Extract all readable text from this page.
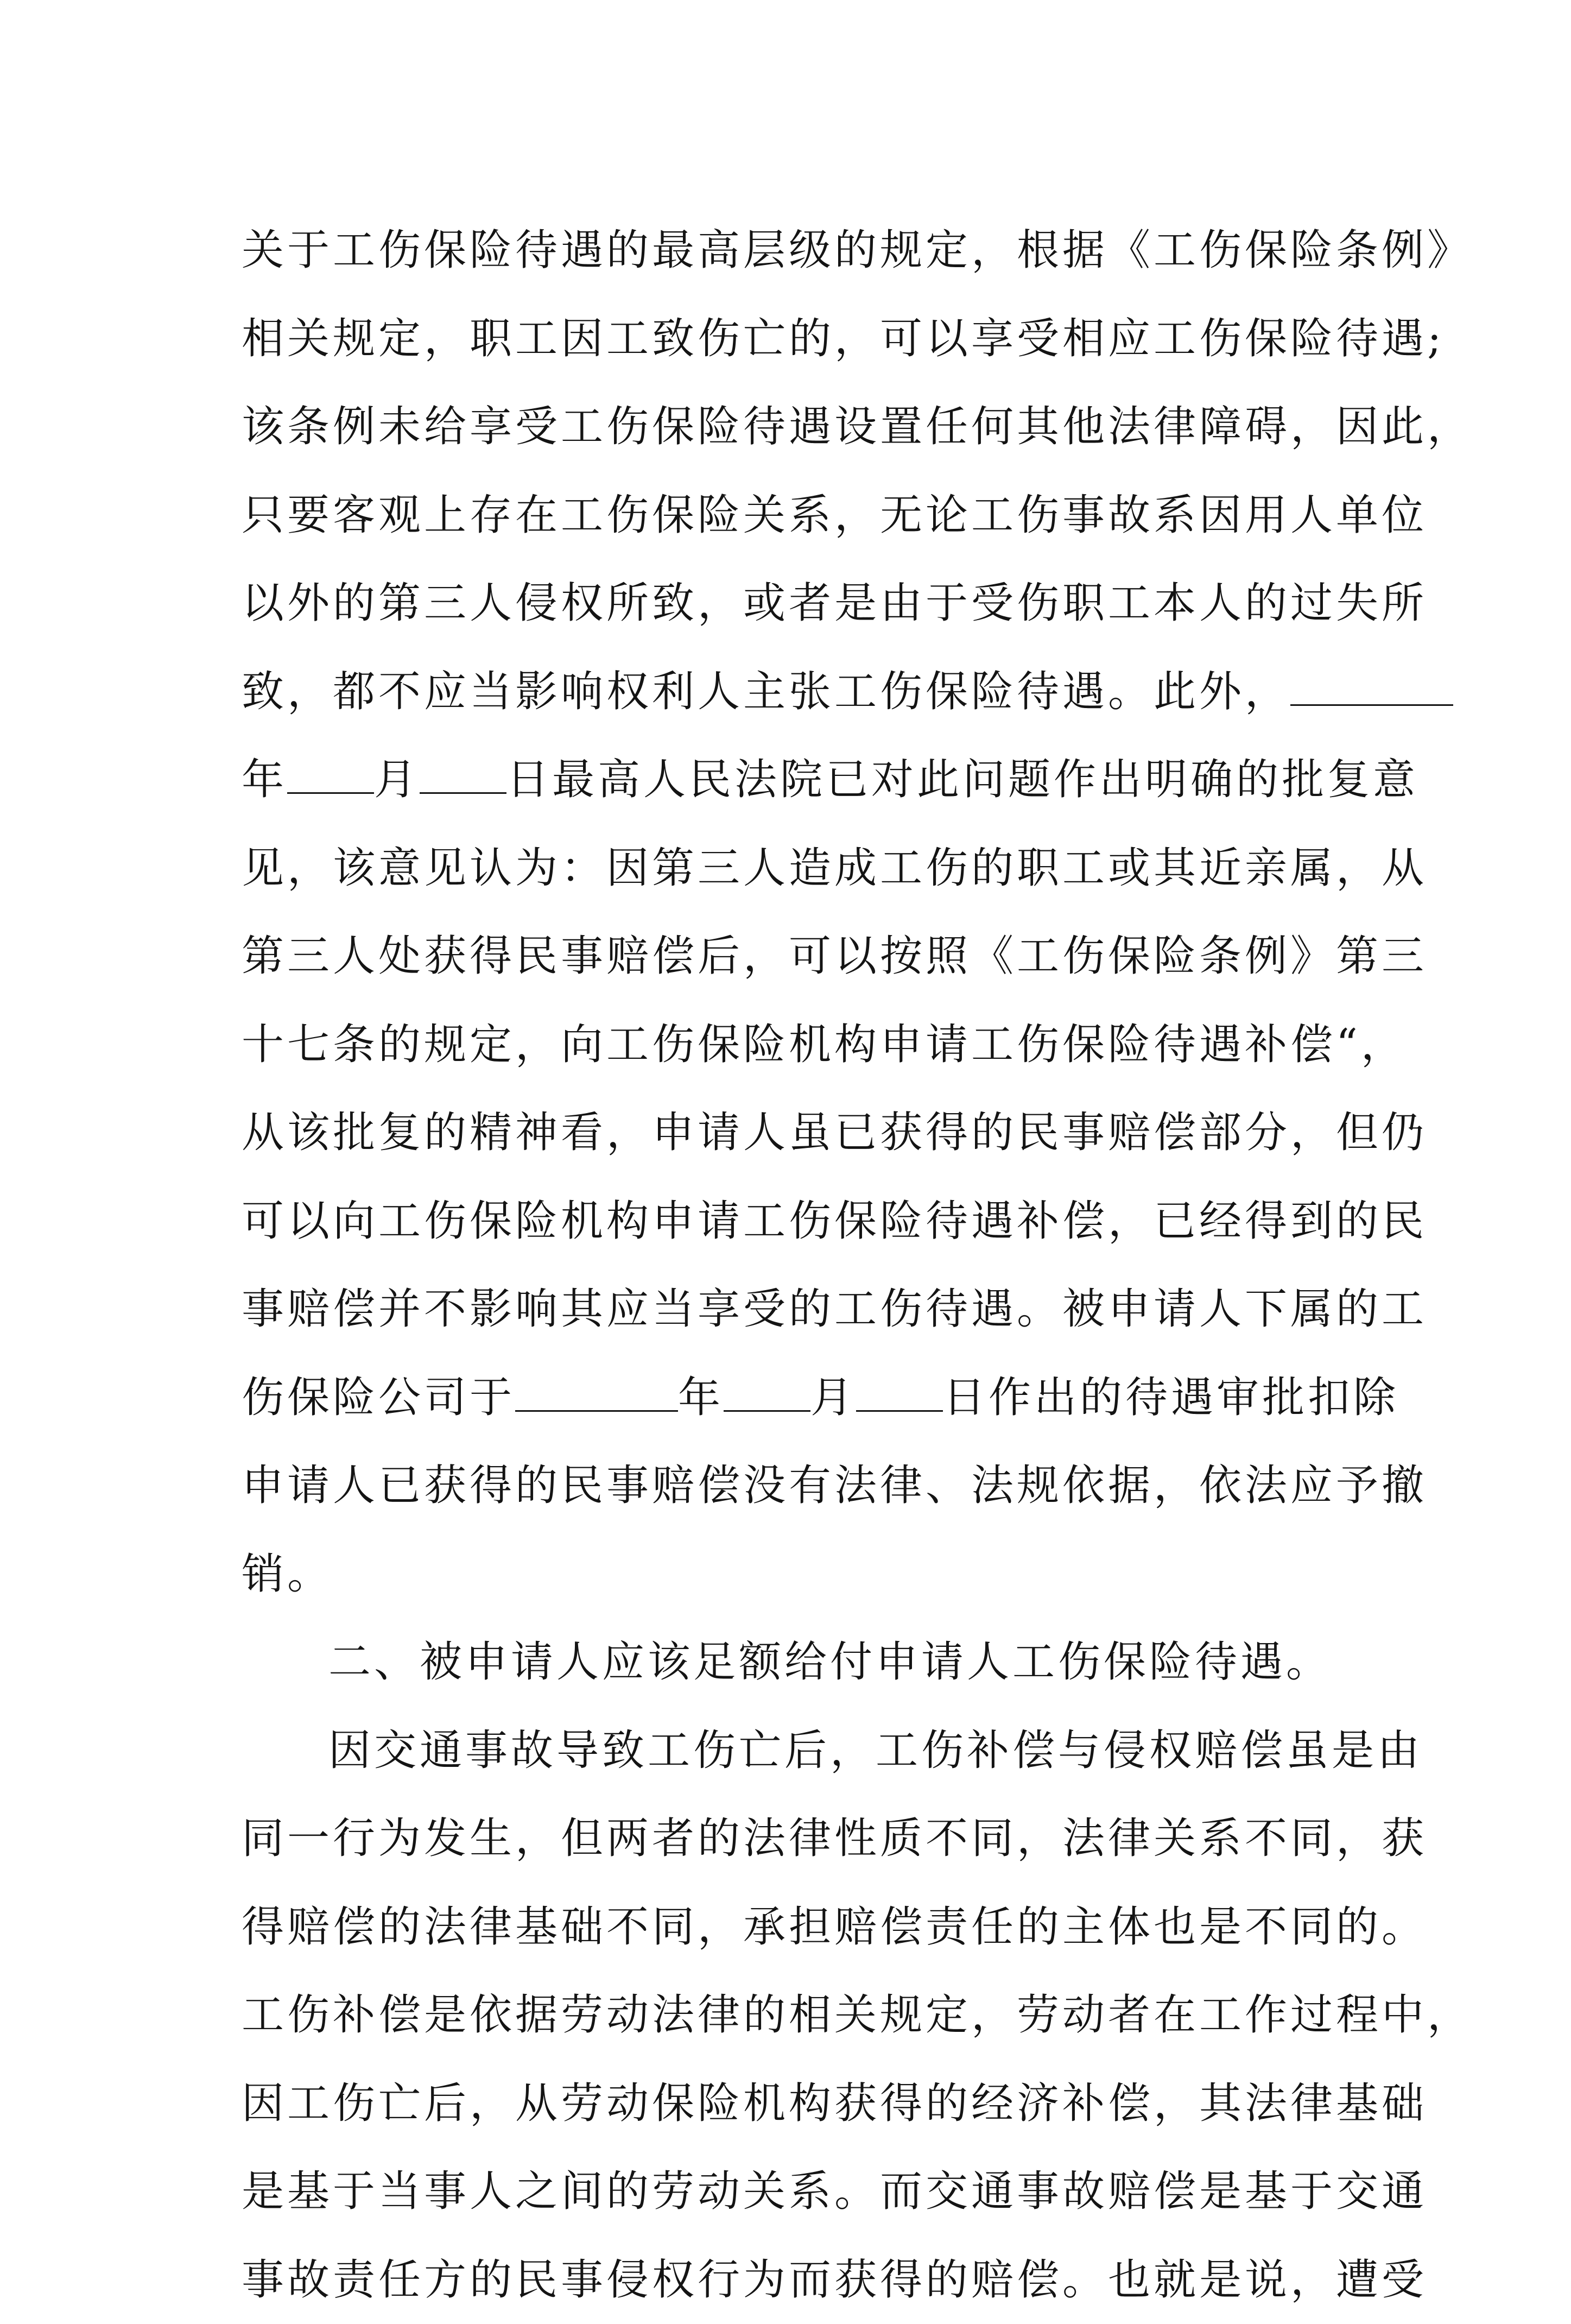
关于工伤保险待遇的最高层级的规定，根据《工伤保险条例》
相关规定，职工因工致伤亡的，可以享受相应工伤保险待遇;
该条例未给享受工伤保险待遇设置任何其他法律障碍，因此，
只要客观上存在工伤保险关系，无论工伤事故系因用人单位
以外的第三人侵权所致，或者是由于受伤职工本人的过失所
致，都不应当影响权利人主张工伤保险待遇。此外，
年 月 日最高人民法院已对此问题作出明确的批复意
见，该意见认为：因第三人造成工伤的职工或其近亲属，从
第三人处获得民事赔偿后，可以按照《工伤保险条例》第三
十七条的规定，向工伤保险机构申请工伤保险待遇补偿“，
从该批复的精神看，申请人虽已获得的民事赔偿部分，但仍
可以向工伤保险机构申请工伤保险待遇补偿，已经得到的民
事赔偿并不影响其应当享受的工伤待遇。被申请人下属的工
伤保险公司于	年 月 日作出的待遇审批扣除
申请人已获得的民事赔偿没有法律、法规依据，依法应予撤
销。
二、被申请人应该足额给付申请人工伤保险待遇。
因交通事故导致工伤亡后，工伤补偿与侵权赔偿虽是由
同一行为发生，但两者的法律性质不同，法律关系不同，获
得赔偿的法律基础不同，承担赔偿责任的主体也是不同的。
工伤补偿是依据劳动法律的相关规定，劳动者在工作过程中，
因工伤亡后，从劳动保险机构获得的经济补偿，其法律基础
是基于当事人之间的劳动关系。而交通事故赔偿是基于交通
事故责任方的民事侵权行为而获得的赔偿。也就是说，遭受
